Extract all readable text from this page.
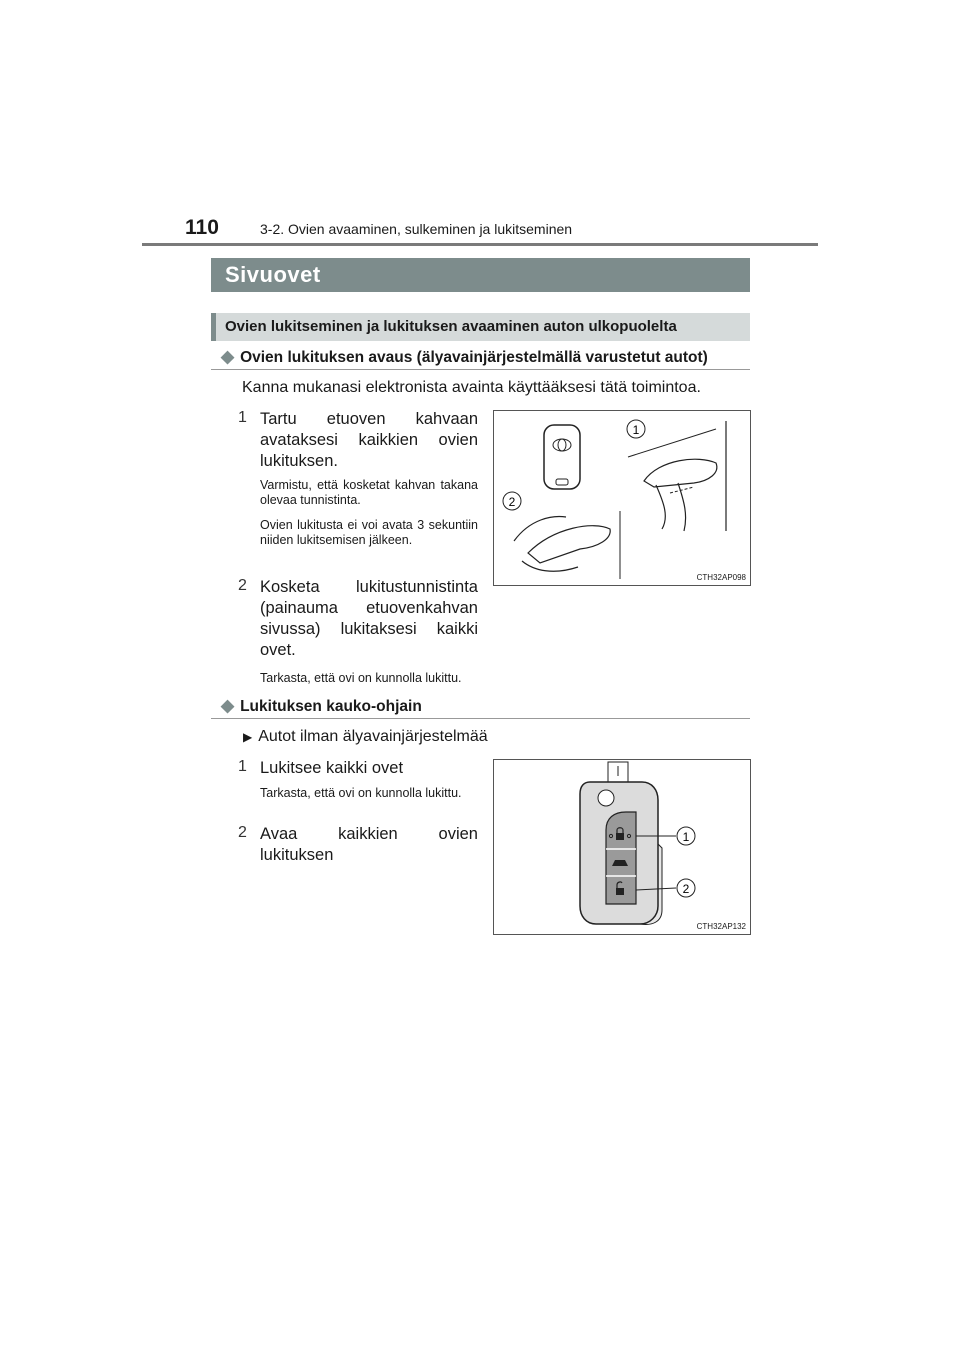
110	3-2. Ovien avaaminen, sulkeminen ja lukitseminen
Sivuovet
Ovien lukitseminen ja lukituksen avaaminen auton ulkopuolelta
◆ Ovien lukituksen avaus (älyavainjärjestelmällä varustetut autot)
Kanna mukanasi elektronista avainta käyttääksesi tätä toimintoa.
1 Tartu etuoven kahvaan avataksesi kaikkien ovien lukituksen.
Varmistu, että kosketat kahvan takana olevaa tunnistinta.
Ovien lukitusta ei voi avata 3 sekuntiin niiden lukitsemisen jälkeen.
2 Kosketa lukitustunnistinta (painauma etuovenkahvan sivussa) lukitaksesi kaikki ovet.
Tarkasta, että ovi on kunnolla lukittu.
1
2
CTH32AP098
◆ Lukituksen kauko-ohjain
▶ Autot ilman älyavainjärjestelmää
1 Lukitsee kaikki ovet
Tarkasta, että ovi on kunnolla lukittu.
2 Avaa kaikkien ovien lukituksen
1
2
CTH32AP132
